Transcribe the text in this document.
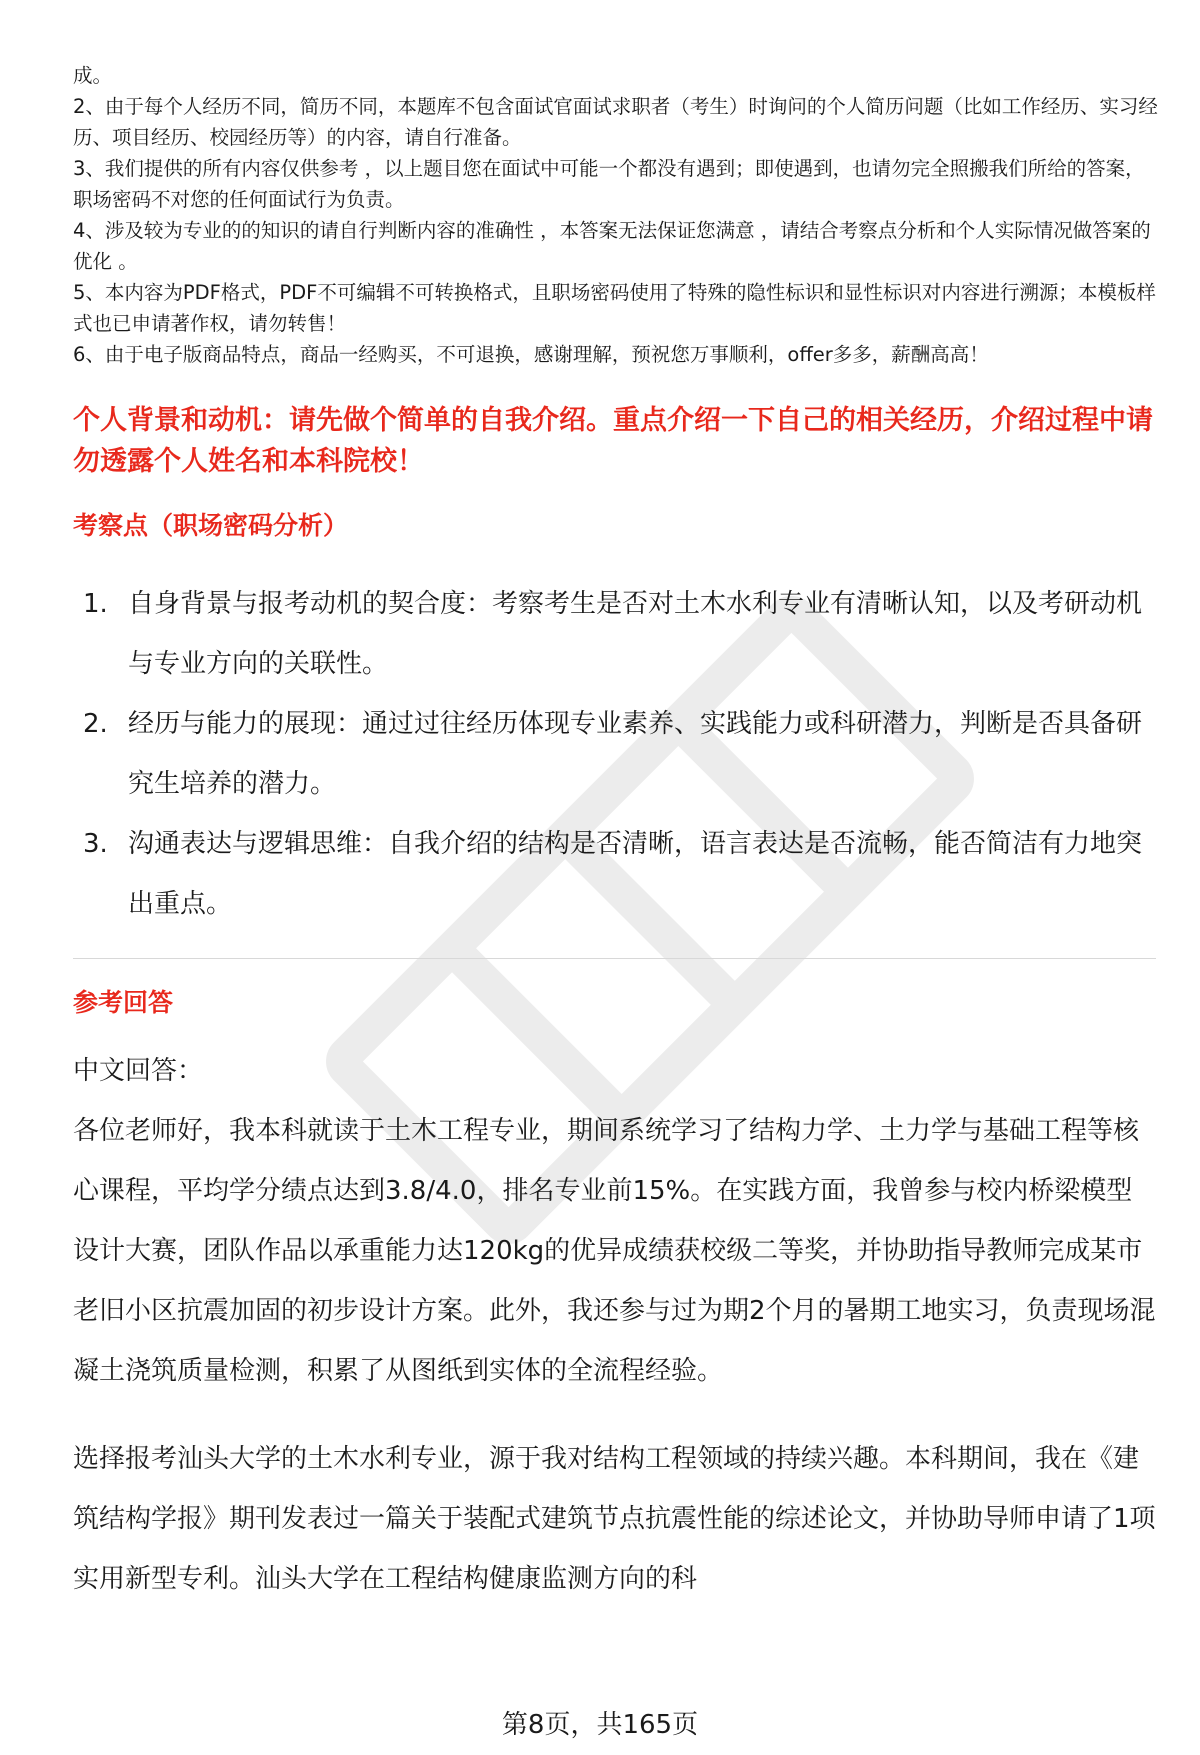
成。

2、由于每个人经历不同，简历不同，本题库不包含面试官面试求职者（考生）时询问的个人简历问题（比如工作经历、实习经历、项目经历、校园经历等）的内容，请自行准备。

3、我们提供的所有内容仅供参考 ，以上题目您在面试中可能一个都没有遇到；即使遇到，也请勿完全照搬我们所给的答案，职场密码不对您的任何面试行为负责。

4、涉及较为专业的的知识的请自行判断内容的准确性 ，本答案无法保证您满意 ，请结合考察点分析和个人实际情况做答案的优化 。

5、本内容为PDF格式，PDF不可编辑不可转换格式，且职场密码使用了特殊的隐性标识和显性标识对内容进行溯源；本模板样式也已申请著作权，请勿转售！

6、由于电子版商品特点，商品一经购买，不可退换，感谢理解，预祝您万事顺利，offer多多，薪酬高高！

个人背景和动机：请先做个简单的自我介绍。重点介绍一下自己的相关经历，介绍过程中请勿透露个人姓名和本科院校！
考察点（职场密码分析）
1. 自身背景与报考动机的契合度：考察考生是否对土木水利专业有清晰认知，以及考研动机与专业方向的关联性。
2. 经历与能力的展现：通过过往经历体现专业素养、实践能力或科研潜力，判断是否具备研究生培养的潜力。
3. 沟通表达与逻辑思维：自我介绍的结构是否清晰，语言表达是否流畅，能否简洁有力地突出重点。
参考回答

中文回答：

各位老师好，我本科就读于土木工程专业，期间系统学习了结构力学、土力学与基础工程等核心课程，平均学分绩点达到3.8/4.0，排名专业前15%。在实践方面，我曾参与校内桥梁模型设计大赛，团队作品以承重能力达120kg的优异成绩获校级二等奖，并协助指导教师完成某市老旧小区抗震加固的初步设计方案。此外，我还参与过为期2个月的暑期工地实习，负责现场混凝土浇筑质量检测，积累了从图纸到实体的全流程经验。

选择报考汕头大学的土木水利专业，源于我对结构工程领域的持续兴趣。本科期间，我在《建筑结构学报》期刊发表过一篇关于装配式建筑节点抗震性能的综述论文，并协助导师申请了1项实用新型专利。汕头大学在工程结构健康监测方向的科

第8页，共165页
